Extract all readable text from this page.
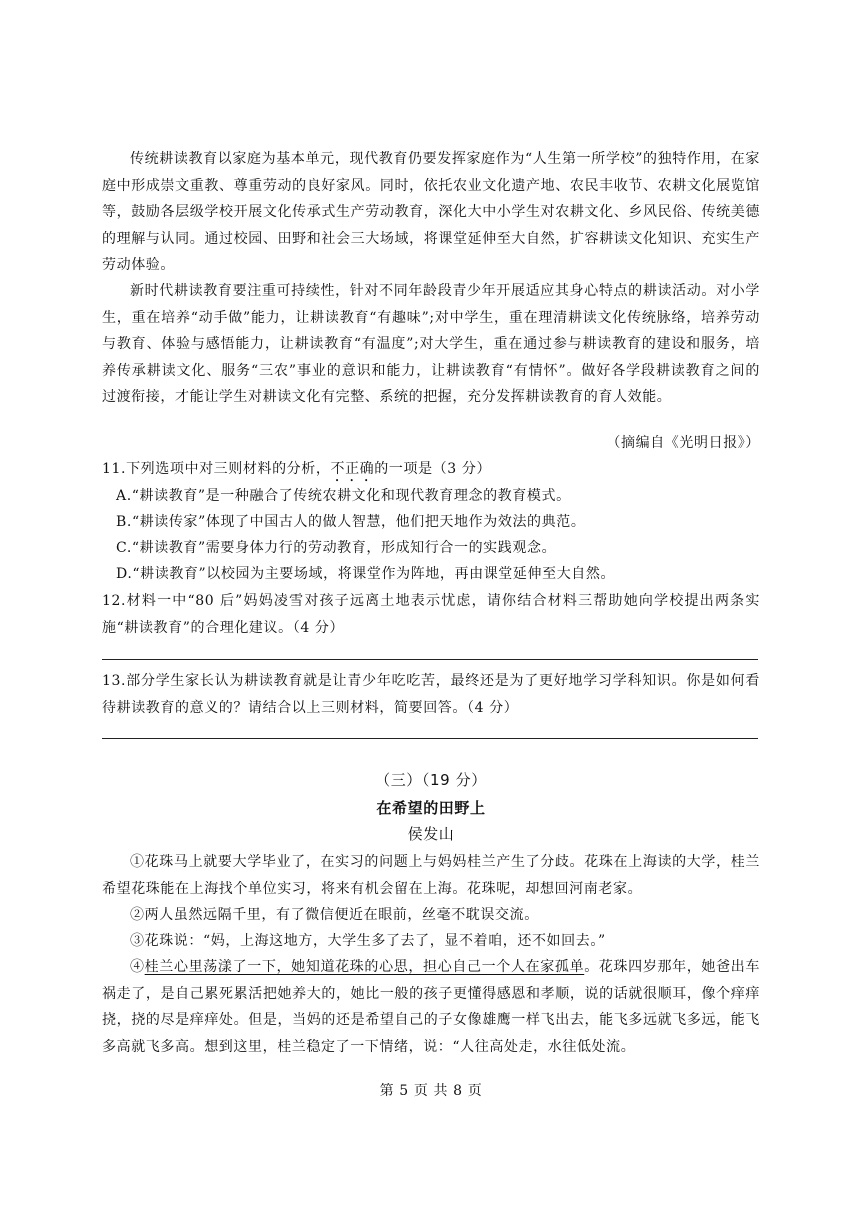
传统耕读教育以家庭为基本单元，现代教育仍要发挥家庭作为“人生第一所学校”的独特作用，在家庭中形成崇文重教、尊重劳动的良好家风。同时，依托农业文化遗产地、农民丰收节、农耕文化展览馆等，鼓励各层级学校开展文化传承式生产劳动教育，深化大中小学生对农耕文化、乡风民俗、传统美德的理解与认同。通过校园、田野和社会三大场域，将课堂延伸至大自然，扩容耕读文化知识、充实生产劳动体验。
新时代耕读教育要注重可持续性，针对不同年龄段青少年开展适应其身心特点的耕读活动。对小学生，重在培养“动手做”能力，让耕读教育“有趣味”;对中学生，重在理清耕读文化传统脉络，培养劳动与教育、体验与感悟能力，让耕读教育“有温度”;对大学生，重在通过参与耕读教育的建设和服务，培养传承耕读文化、服务“三农”事业的意识和能力，让耕读教育“有情怀”。做好各学段耕读教育之间的过渡衔接，才能让学生对耕读文化有完整、系统的把握，充分发挥耕读教育的育人效能。
（摘编自《光明日报》）
11.下列选项中对三则材料的分析，不正确的一项是（3 分）
A.“耕读教育”是一种融合了传统农耕文化和现代教育理念的教育模式。
B.“耕读传家”体现了中国古人的做人智慧，他们把天地作为效法的典范。
C.“耕读教育”需要身体力行的劳动教育，形成知行合一的实践观念。
D.“耕读教育”以校园为主要场域，将课堂作为阵地，再由课堂延伸至大自然。
12.材料一中“80 后”妈妈凌雪对孩子远离土地表示忧虑，请你结合材料三帮助她向学校提出两条实施“耕读教育”的合理化建议。（4 分）
13.部分学生家长认为耕读教育就是让青少年吃吃苦，最终还是为了更好地学习学科知识。你是如何看待耕读教育的意义的？请结合以上三则材料，简要回答。（4 分）
（三）（19 分）
在希望的田野上
侯发山
①花珠马上就要大学毕业了，在实习的问题上与妈妈桂兰产生了分歧。花珠在上海读的大学，桂兰希望花珠能在上海找个单位实习，将来有机会留在上海。花珠呢，却想回河南老家。
②两人虽然远隔千里，有了微信便近在眼前，丝毫不耽误交流。
③花珠说：“妈，上海这地方，大学生多了去了，显不着咱，还不如回去。”
④桂兰心里荡漾了一下，她知道花珠的心思，担心自己一个人在家孤单。花珠四岁那年，她爸出车祸走了，是自己累死累活把她养大的，她比一般的孩子更懂得感恩和孝顺，说的话就很顺耳，像个痒痒挠，挠的尽是痒痒处。但是，当妈的还是希望自己的子女像雄鹰一样飞出去，能飞多远就飞多远，能飞多高就飞多高。想到这里，桂兰稳定了一下情绪，说：“人往高处走，水往低处流。
第 5 页 共 8 页
